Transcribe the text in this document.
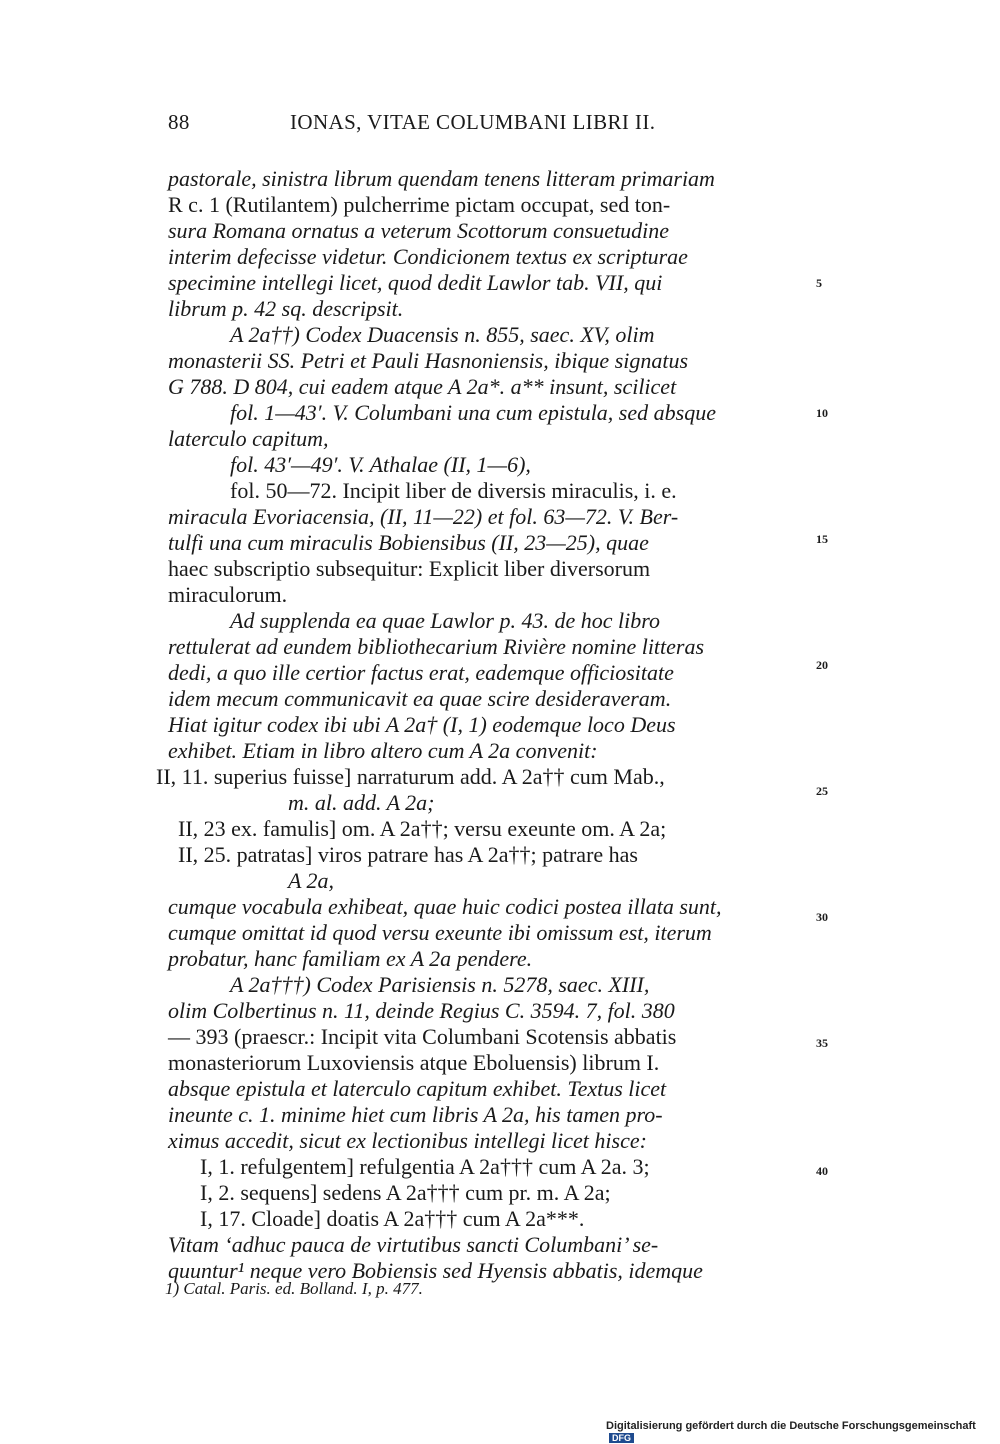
88	IONAS, VITAE COLUMBANI LIBRI II.
pastorale, sinistra librum quendam tenens litteram primariam
R c. 1 (Rutilantem) pulcherrime pictam occupat, sed ton-
sura Romana ornatus a veterum Scottorum consuetudine
interim defecisse videtur. Condicionem textus ex scripturae
specimine intellegi licet, quod dedit Lawlor tab. VII, qui
librum p. 42 sq. descripsit.
A 2a††) Codex Duacensis n. 855, saec. XV, olim
monasterii SS. Petri et Pauli Hasnoniensis, ibique signatus
G 788. D 804, cui eadem atque A 2a*. a** insunt, scilicet
fol. 1—43′. V. Columbani una cum epistula, sed absque
laterculo capitum,
fol. 43′—49′. V. Athalae (II, 1—6),
fol. 50—72. Incipit liber de diversis miraculis, i. e.
miracula Evoriacensia, (II, 11—22) et fol. 63—72. V. Ber-
tulfi una cum miraculis Bobiensibus (II, 23—25), quae
haec subscriptio subsequitur: Explicit liber diversorum
miraculorum.
Ad supplenda ea quae Lawlor p. 43. de hoc libro
rettulerat ad eundem bibliothecarium Rivière nomine litteras
dedi, a quo ille certior factus erat, eademque officiositate
idem mecum communicavit ea quae scire desideraveram.
Hiat igitur codex ibi ubi A 2a† (I, 1) eodemque loco Deus
exhibet. Etiam in libro altero cum A 2a convenit:
II, 11. superius fuisse] narraturum add. A 2a†† cum Mab.,
m. al. add. A 2a;
II, 23 ex. famulis] om. A 2a††; versu exeunte om. A 2a;
II, 25. patratas] viros patrare has A 2a††; patrare has
A 2a,
cumque vocabula exhibeat, quae huic codici postea illata sunt,
cumque omittat id quod versu exeunte ibi omissum est, iterum
probatur, hanc familiam ex A 2a pendere.
A 2a†††) Codex Parisiensis n. 5278, saec. XIII,
olim Colbertinus n. 11, deinde Regius C. 3594. 7, fol. 380
— 393 (praescr.: Incipit vita Columbani Scotensis abbatis
monasteriorum Luxoviensis atque Eboluensis) librum I.
absque epistula et laterculo capitum exhibet. Textus licet
ineunte c. 1. minime hiet cum libris A 2a, his tamen pro-
ximus accedit, sicut ex lectionibus intellegi licet hisce:
I, 1. refulgentem] refulgentia A 2a††† cum A 2a. 3;
I, 2. sequens] sedens A 2a††† cum pr. m. A 2a;
I, 17. Cloade] doatis A 2a††† cum A 2a***.
Vitam ‘adhuc pauca de virtutibus sancti Columbani’ se-
quuntur¹ neque vero Bobiensis sed Hyensis abbatis, idemque
5
10
15
20
25
30
35
40
1) Catal. Paris. ed. Bolland. I, p. 477.
Digitalisierung gefördert durch die Deutsche Forschungsgemeinschaft DFG
